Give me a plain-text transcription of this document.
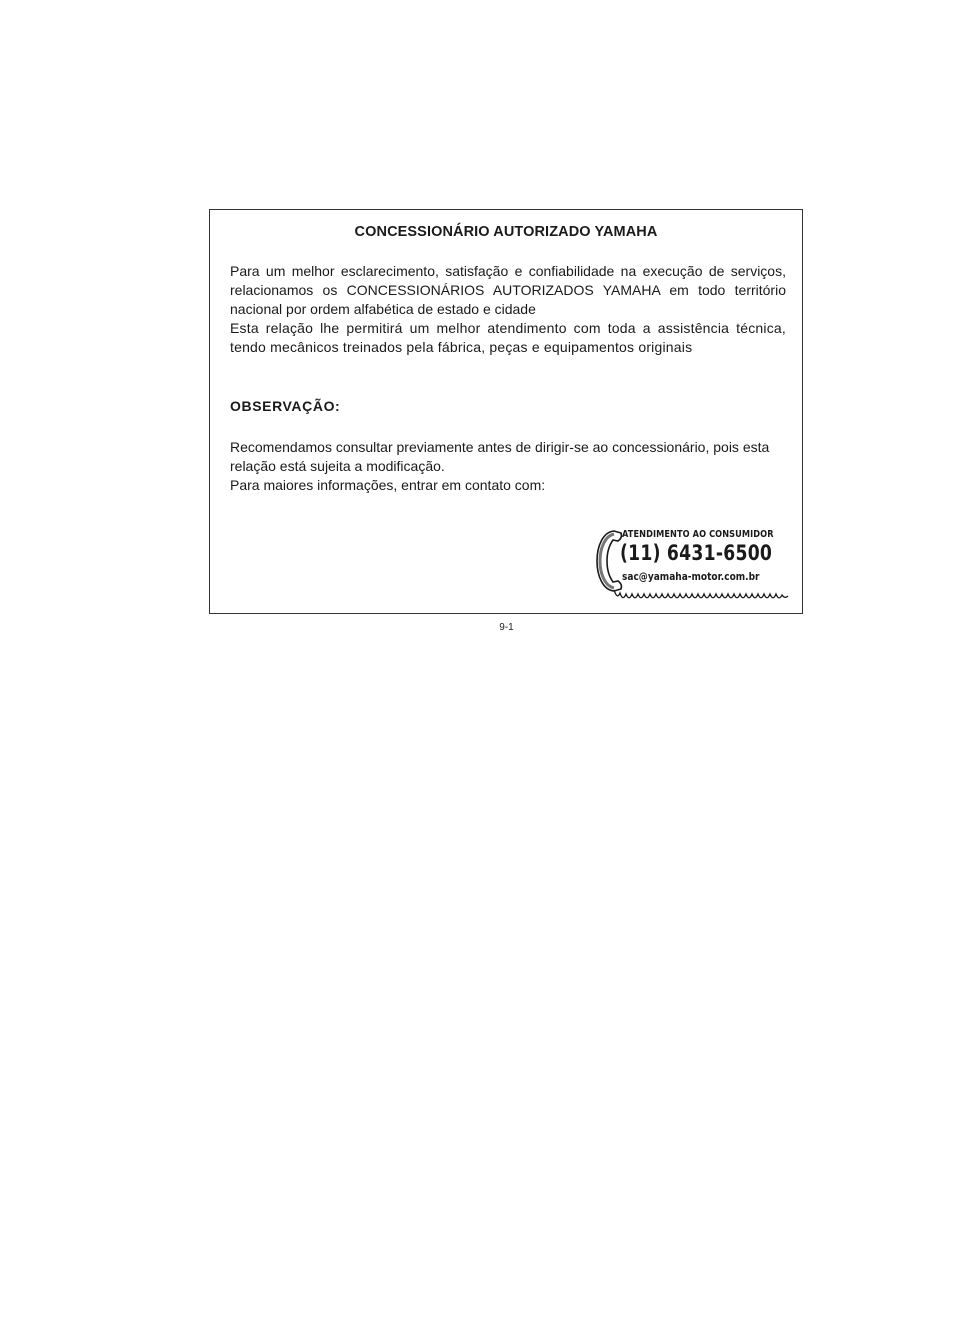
CONCESSIONÁRIO AUTORIZADO YAMAHA
Para um melhor esclarecimento, satisfação e confiabilidade na execução de serviços, relacionamos os CONCESSIONÁRIOS AUTORIZADOS YAMAHA em todo território nacional por ordem alfabética de estado e cidade
Esta relação lhe permitirá um melhor atendimento com toda a assistência técnica, tendo mecânicos treinados pela fábrica, peças e equipamentos originais
OBSERVAÇÃO:
Recomendamos consultar previamente antes de dirigir-se ao concessionário, pois esta relação está sujeita a modificação.
Para maiores informações, entrar em contato com:
ATENDIMENTO AO CONSUMIDOR
(11) 6431-6500
sac@yamaha-motor.com.br
9-1
